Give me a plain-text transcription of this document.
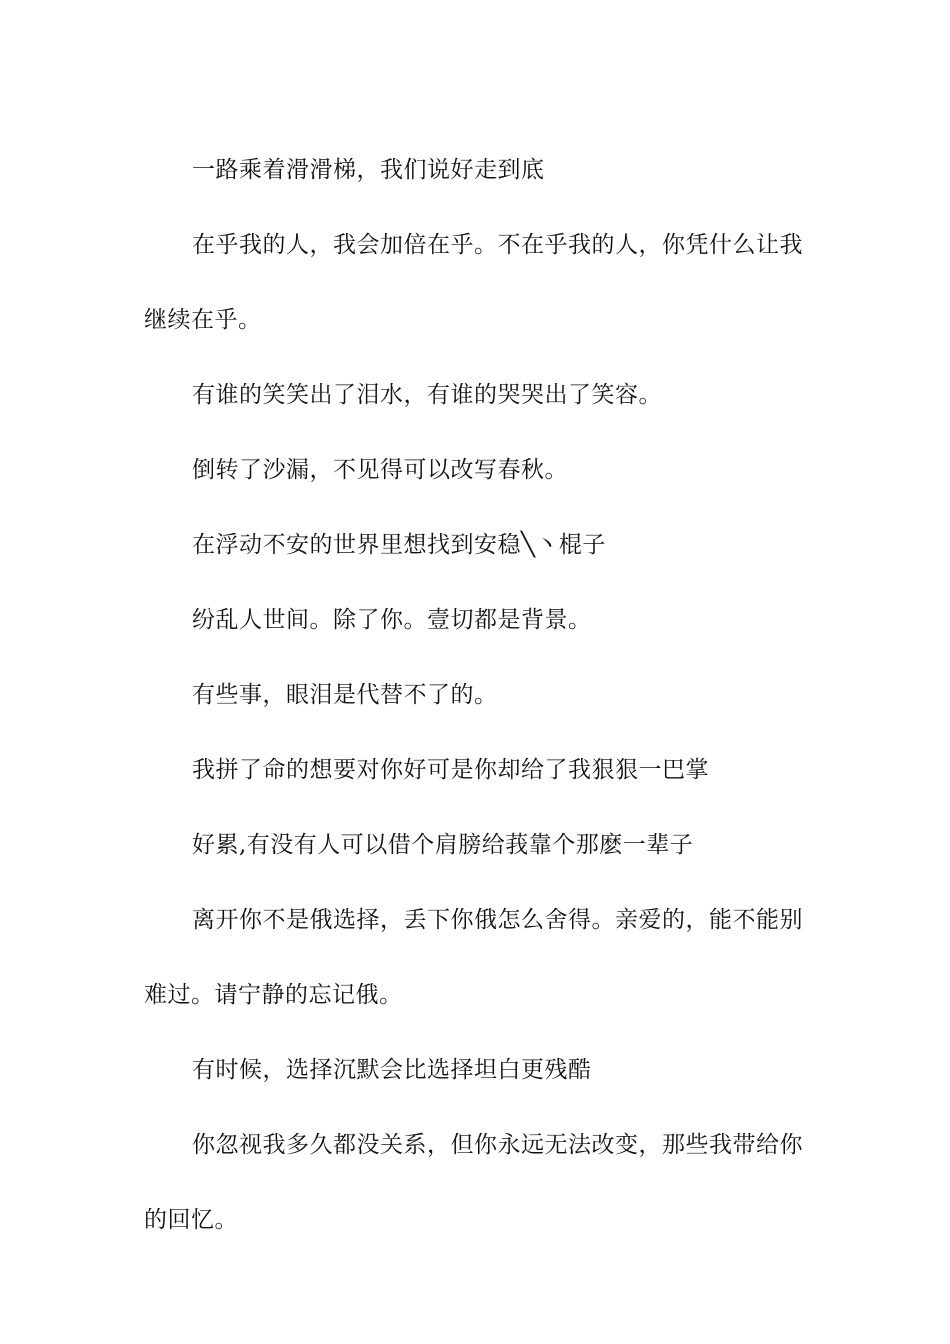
一路乘着滑滑梯，我们说好走到底

在乎我的人，我会加倍在乎。不在乎我的人，你凭什么让我继续在乎。

有谁的笑笑出了泪水，有谁的哭哭出了笑容。

倒转了沙漏，不见得可以改写春秋。

在浮动不安的世界里想找到安稳╲丶棍子

纷乱人世间。除了你。壹切都是背景。

有些事，眼泪是代替不了的。

我拼了命的想要对你好可是你却给了我狠狠一巴掌

好累,有没有人可以借个肩膀给莪靠个那麽一辈子

离开你不是俄选择，丢下你俄怎么舍得。亲爱的，能不能别难过。请宁静的忘记俄。

有时候，选择沉默会比选择坦白更残酷

你忽视我多久都没关系，但你永远无法改变，那些我带给你的回忆。
